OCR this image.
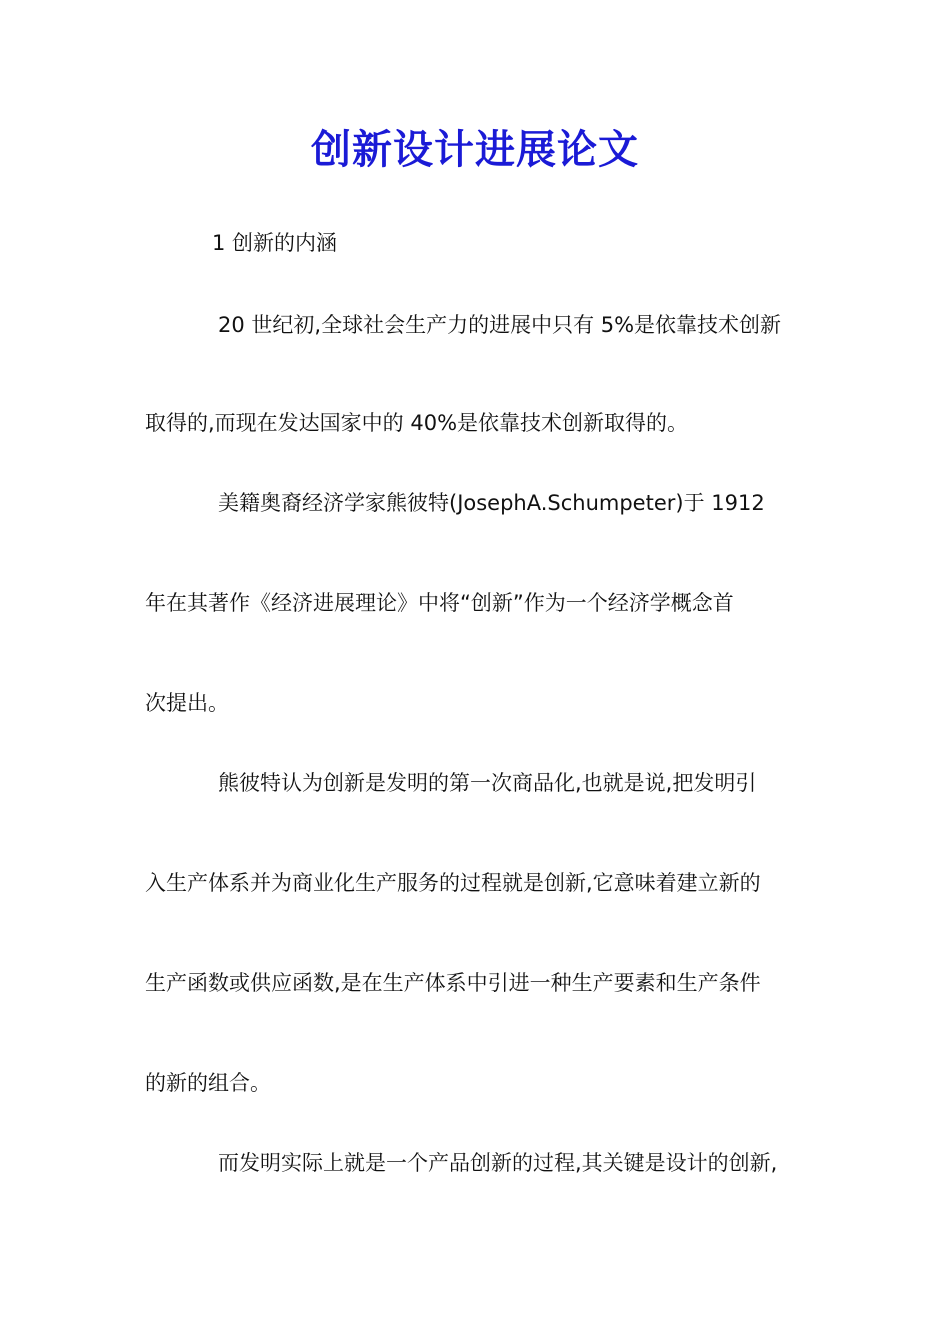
创新设计进展论文
1 创新的内涵
20 世纪初,全球社会生产力的进展中只有 5%是依靠技术创新
取得的,而现在发达国家中的 40%是依靠技术创新取得的。
美籍奥裔经济学家熊彼特(JosephA.Schumpeter)于 1912
年在其著作《经济进展理论》中将“创新”作为一个经济学概念首
次提出。
熊彼特认为创新是发明的第一次商品化,也就是说,把发明引
入生产体系并为商业化生产服务的过程就是创新,它意味着建立新的
生产函数或供应函数,是在生产体系中引进一种生产要素和生产条件
的新的组合。
而发明实际上就是一个产品创新的过程,其关键是设计的创新,
